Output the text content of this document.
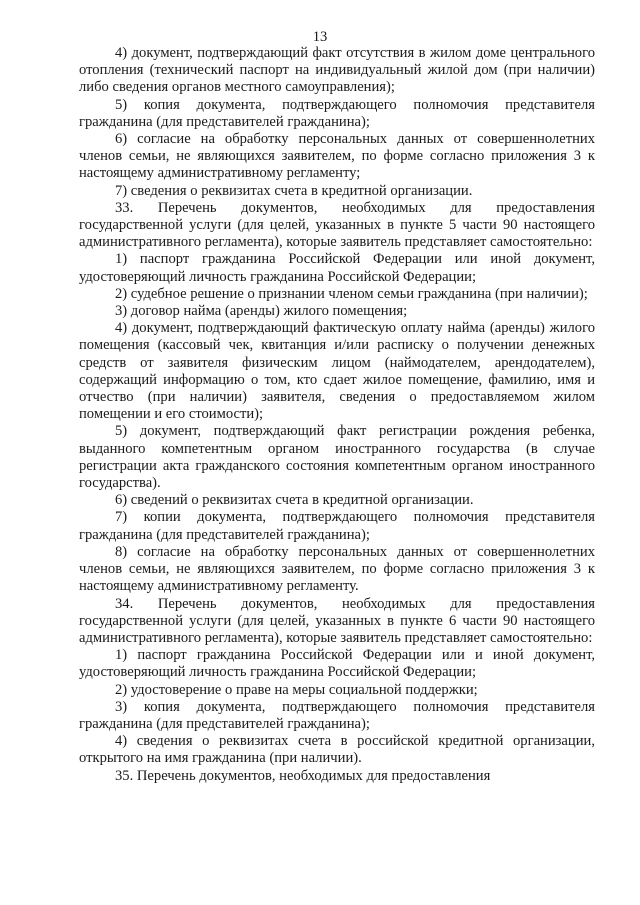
13

4) документ, подтверждающий факт отсутствия в жилом доме центрального отопления (технический паспорт на индивидуальный жилой дом (при наличии) либо сведения органов местного самоуправления);

5) копия документа, подтверждающего полномочия представителя гражданина (для представителей гражданина);

6) согласие на обработку персональных данных от совершеннолетних членов семьи, не являющихся заявителем, по форме согласно приложения 3 к настоящему административному регламенту;

7) сведения о реквизитах счета в кредитной организации.

33. Перечень документов, необходимых для предоставления государственной услуги (для целей, указанных в пункте 5 части 90 настоящего административного регламента), которые заявитель представляет самостоятельно:

1) паспорт гражданина Российской Федерации или иной документ, удостоверяющий личность гражданина Российской Федерации;

2) судебное решение о признании членом семьи гражданина (при наличии);

3) договор найма (аренды) жилого помещения;

4) документ, подтверждающий фактическую оплату найма (аренды) жилого помещения (кассовый чек, квитанция и/или расписку о получении денежных средств от заявителя физическим лицом (наймодателем, арендодателем), содержащий информацию о том, кто сдает жилое помещение, фамилию, имя и отчество (при наличии) заявителя, сведения о предоставляемом жилом помещении и его стоимости);

5) документ, подтверждающий факт регистрации рождения ребенка, выданного компетентным органом иностранного государства (в случае регистрации акта гражданского состояния компетентным органом иностранного государства).

6) сведений о реквизитах счета в кредитной организации.

7) копии документа, подтверждающего полномочия представителя гражданина (для представителей гражданина);

8) согласие на обработку персональных данных от совершеннолетних членов семьи, не являющихся заявителем, по форме согласно приложения 3 к настоящему административному регламенту.

34. Перечень документов, необходимых для предоставления государственной услуги (для целей, указанных в пункте 6 части 90 настоящего административного регламента), которые заявитель представляет самостоятельно:

1) паспорт гражданина Российской Федерации или и иной документ, удостоверяющий личность гражданина Российской Федерации;

2) удостоверение о праве на меры социальной поддержки;

3) копия документа, подтверждающего полномочия представителя гражданина (для представителей гражданина);

4) сведения о реквизитах счета в российской кредитной организации, открытого на имя гражданина (при наличии).

35. Перечень документов, необходимых для предоставления
